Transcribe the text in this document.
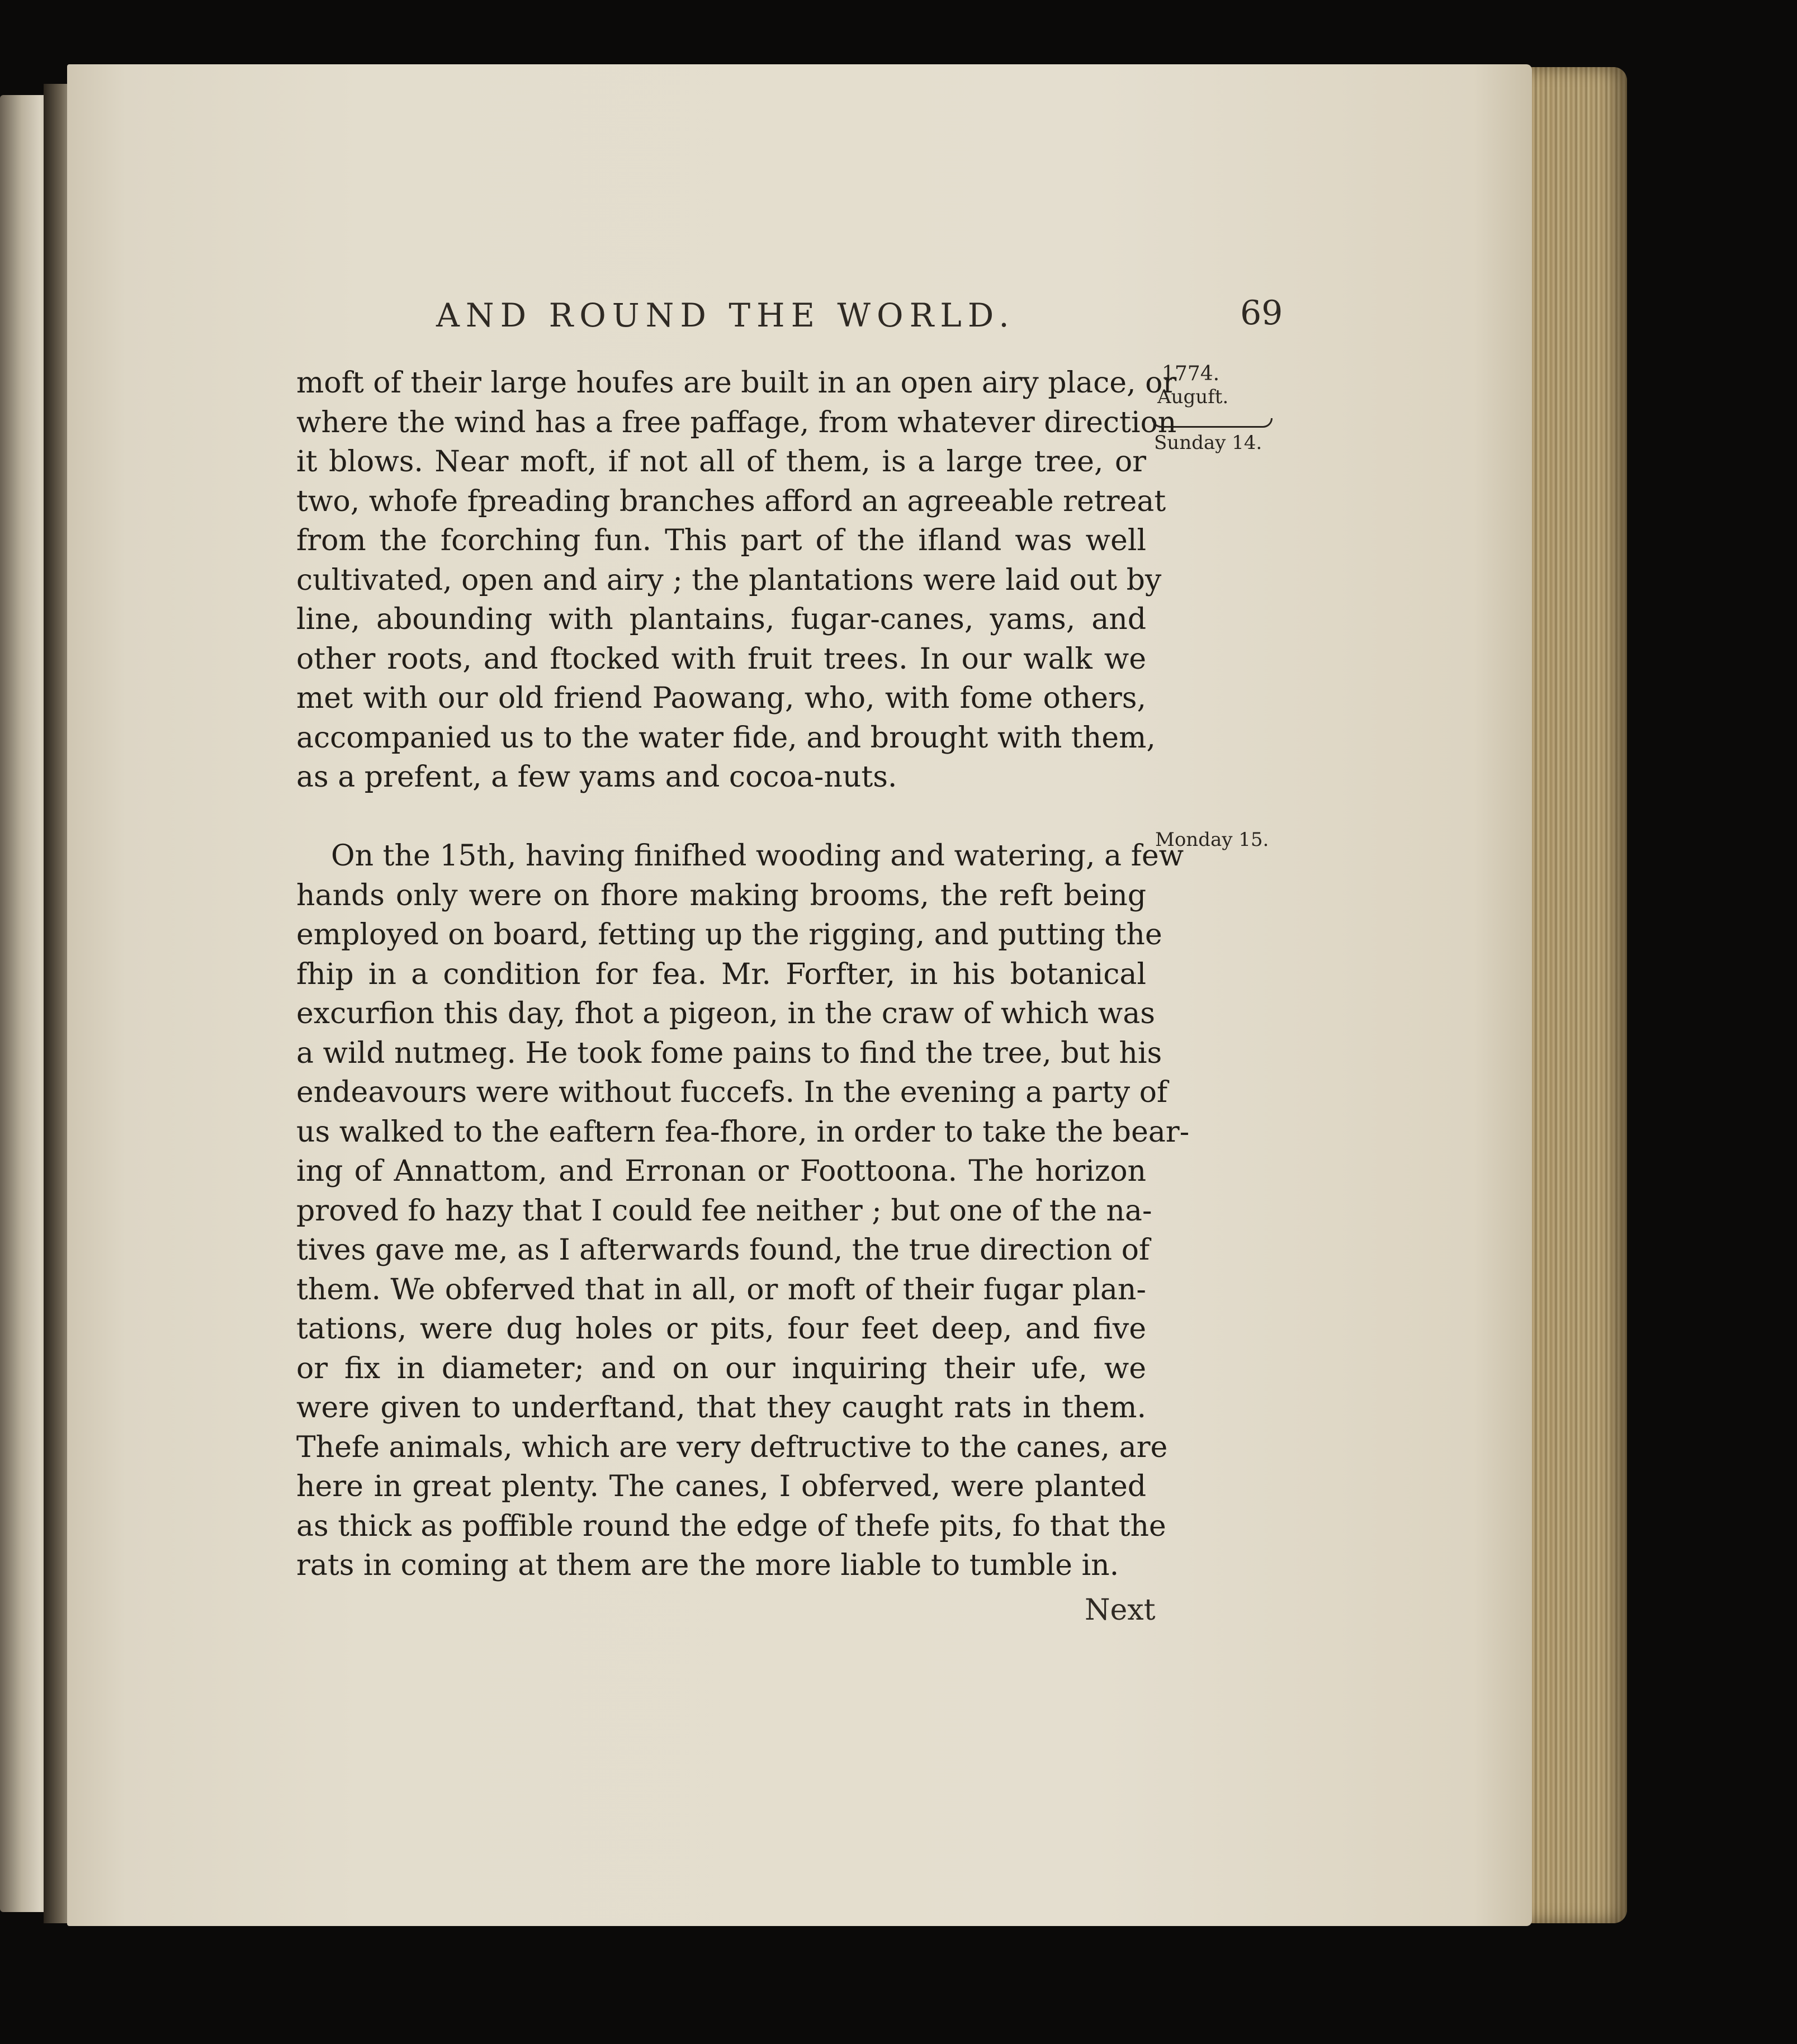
AND ROUND THE WORLD.	69
1774.
Auguft.
Sunday 14.
Monday 15.
moft of their large houfes are built in an open airy place, or
where the wind has a free paffage, from whatever direction
it blows. Near moft, if not all of them, is a large tree, or
two, whofe fpreading branches afford an agreeable retreat
from the fcorching fun. This part of the ifland was well
cultivated, open and airy ; the plantations were laid out by
line, abounding with plantains, fugar-canes, yams, and
other roots, and ftocked with fruit trees. In our walk we
met with our old friend Paowang, who, with fome others,
accompanied us to the water fide, and brought with them,
as a prefent, a few yams and cocoa-nuts.
On the 15th, having finifhed wooding and watering, a few
hands only were on fhore making brooms, the reft being
employed on board, fetting up the rigging, and putting the
fhip in a condition for fea. Mr. Forfter, in his botanical
excurfion this day, fhot a pigeon, in the craw of which was
a wild nutmeg. He took fome pains to find the tree, but his
endeavours were without fuccefs. In the evening a party of
us walked to the eaftern fea-fhore, in order to take the bear-
ing of Annattom, and Erronan or Foottoona. The horizon
proved fo hazy that I could fee neither ; but one of the na-
tives gave me, as I afterwards found, the true direction of
them. We obferved that in all, or moft of their fugar plan-
tations, were dug holes or pits, four feet deep, and five
or fix in diameter; and on our inquiring their ufe, we
were given to underftand, that they caught rats in them.
Thefe animals, which are very deftructive to the canes, are
here in great plenty. The canes, I obferved, were planted
as thick as poffible round the edge of thefe pits, fo that the
rats in coming at them are the more liable to tumble in.
Next
